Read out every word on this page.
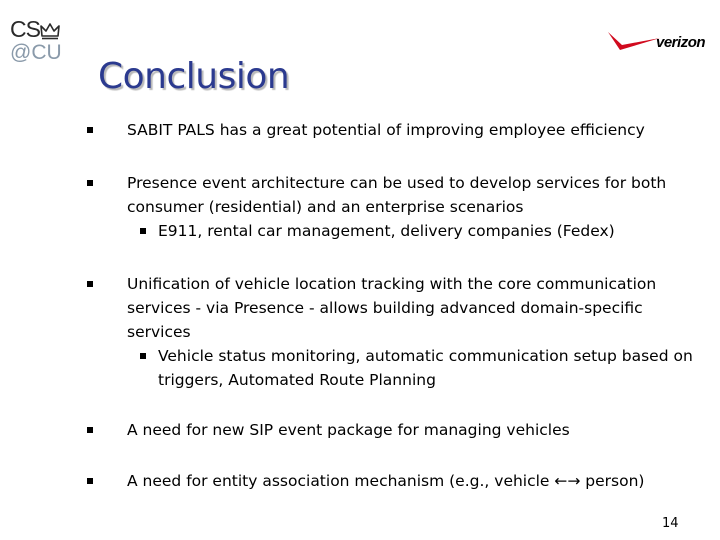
CS
@CU	verizon
Conclusion
SABIT PALS has a great potential of improving employee efficiency
Presence event architecture can be used to develop services for both consumer (residential) and an enterprise scenarios
E911, rental car management, delivery companies (Fedex)
Unification of vehicle location tracking with the core communication services - via Presence - allows building advanced domain-specific services
Vehicle status monitoring, automatic communication setup based on triggers, Automated Route Planning
A need for new SIP event package for managing vehicles
A need for entity association mechanism (e.g., vehicle ←→ person)
14
